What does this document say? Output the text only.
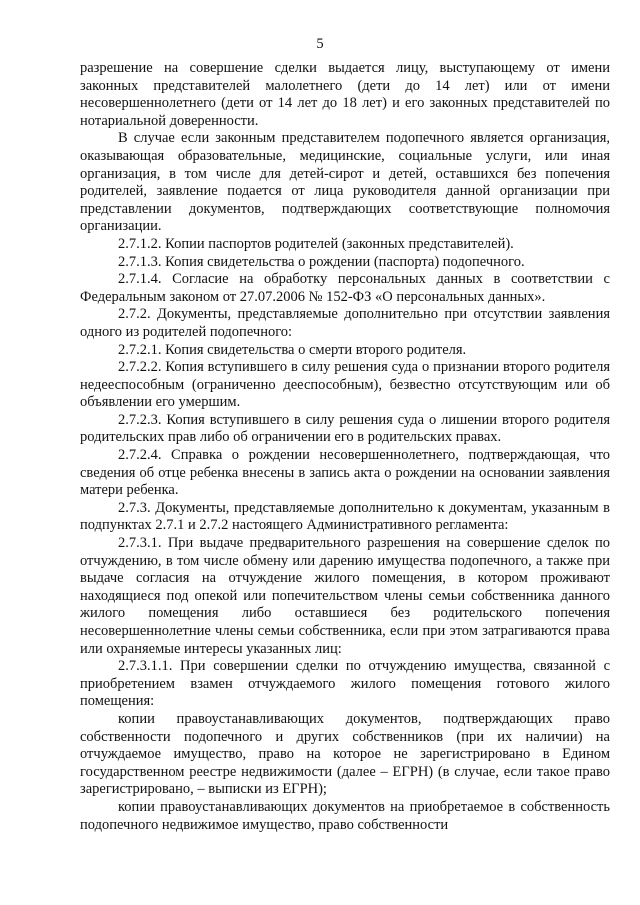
5

разрешение на совершение сделки выдается лицу, выступающему от имени законных представителей малолетнего (дети до 14 лет) или от имени несовершеннолетнего (дети от 14 лет до 18 лет) и его законных представителей по нотариальной доверенности.

В случае если законным представителем подопечного является организация, оказывающая образовательные, медицинские, социальные услуги, или иная организация, в том числе для детей-сирот и детей, оставшихся без попечения родителей, заявление подается от лица руководителя данной организации при представлении документов, подтверждающих соответствующие полномочия организации.

2.7.1.2. Копии паспортов родителей (законных представителей).

2.7.1.3. Копия свидетельства о рождении (паспорта) подопечного.

2.7.1.4. Согласие на обработку персональных данных в соответствии с Федеральным законом от 27.07.2006 № 152-ФЗ «О персональных данных».

2.7.2. Документы, представляемые дополнительно при отсутствии заявления одного из родителей подопечного:

2.7.2.1. Копия свидетельства о смерти второго родителя.

2.7.2.2. Копия вступившего в силу решения суда о признании второго родителя недееспособным (ограниченно дееспособным), безвестно отсутствующим или об объявлении его умершим.

2.7.2.3. Копия вступившего в силу решения суда о лишении второго родителя родительских прав либо об ограничении его в родительских правах.

2.7.2.4. Справка о рождении несовершеннолетнего, подтверждающая, что сведения об отце ребенка внесены в запись акта о рождении на основании заявления матери ребенка.

2.7.3. Документы, представляемые дополнительно к документам, указанным в подпунктах 2.7.1 и 2.7.2 настоящего Административного регламента:

2.7.3.1. При выдаче предварительного разрешения на совершение сделок по отчуждению, в том числе обмену или дарению имущества подопечного, а также при выдаче согласия на отчуждение жилого помещения, в котором проживают находящиеся под опекой или попечительством члены семьи собственника данного жилого помещения либо оставшиеся без родительского попечения несовершеннолетние члены семьи собственника, если при этом затрагиваются права или охраняемые интересы указанных лиц:

2.7.3.1.1. При совершении сделки по отчуждению имущества, связанной с приобретением взамен отчуждаемого жилого помещения готового жилого помещения:

копии правоустанавливающих документов, подтверждающих право собственности подопечного и других собственников (при их наличии) на отчуждаемое имущество, право на которое не зарегистрировано в Едином государственном реестре недвижимости (далее – ЕГРН) (в случае, если такое право зарегистрировано, – выписки из ЕГРН);

копии правоустанавливающих документов на приобретаемое в собственность подопечного недвижимое имущество, право собственности
